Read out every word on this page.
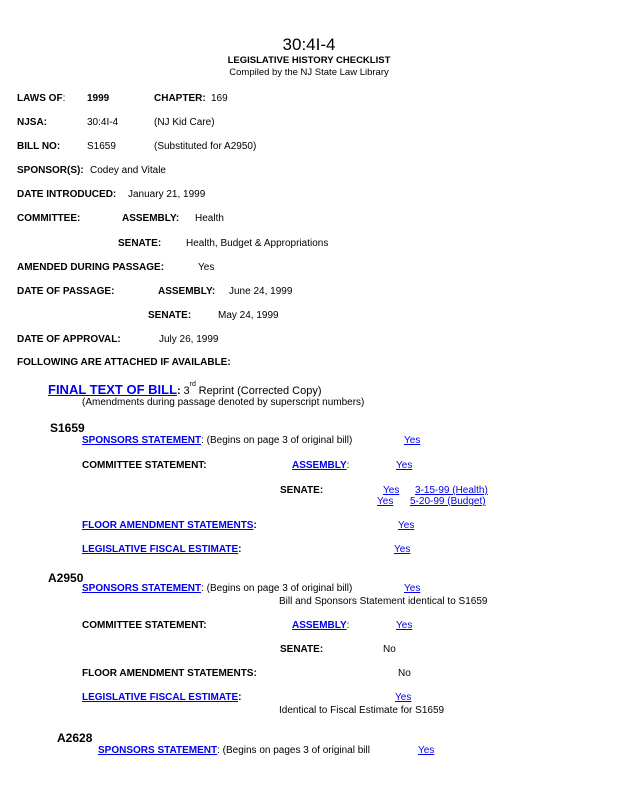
30:4I-4
LEGISLATIVE HISTORY CHECKLIST
Compiled by the NJ State Law Library
LAWS OF: 1999	CHAPTER: 169
NJSA:	30:4I-4	(NJ Kid Care)
BILL NO:	S1659	(Substituted for A2950)
SPONSOR(S): Codey and Vitale
DATE INTRODUCED: January 21, 1999
COMMITTEE:	ASSEMBLY: Health
SENATE: Health, Budget & Appropriations
AMENDED DURING PASSAGE:	Yes
DATE OF PASSAGE:	ASSEMBLY: June 24, 1999
SENATE:	May 24, 1999
DATE OF APPROVAL:	July 26, 1999
FOLLOWING ARE ATTACHED IF AVAILABLE:
FINAL TEXT OF BILL: 3rd Reprint (Corrected Copy)
(Amendments during passage denoted by superscript numbers)
S1659
SPONSORS STATEMENT: (Begins on page 3 of original bill)	Yes
COMMITTEE STATEMENT:	ASSEMBLY:	Yes
SENATE:	Yes 3-15-99 (Health)
Yes 5-20-99 (Budget)
FLOOR AMENDMENT STATEMENTS:	Yes
LEGISLATIVE FISCAL ESTIMATE:	Yes
A2950
SPONSORS STATEMENT: (Begins on page 3 of original bill)	Yes
Bill and Sponsors Statement identical to S1659
COMMITTEE STATEMENT:	ASSEMBLY:	Yes
SENATE:	No
FLOOR AMENDMENT STATEMENTS:	No
LEGISLATIVE FISCAL ESTIMATE:	Yes
Identical to Fiscal Estimate for S1659
A2628
SPONSORS STATEMENT: (Begins on pages 3 of original bill	Yes
